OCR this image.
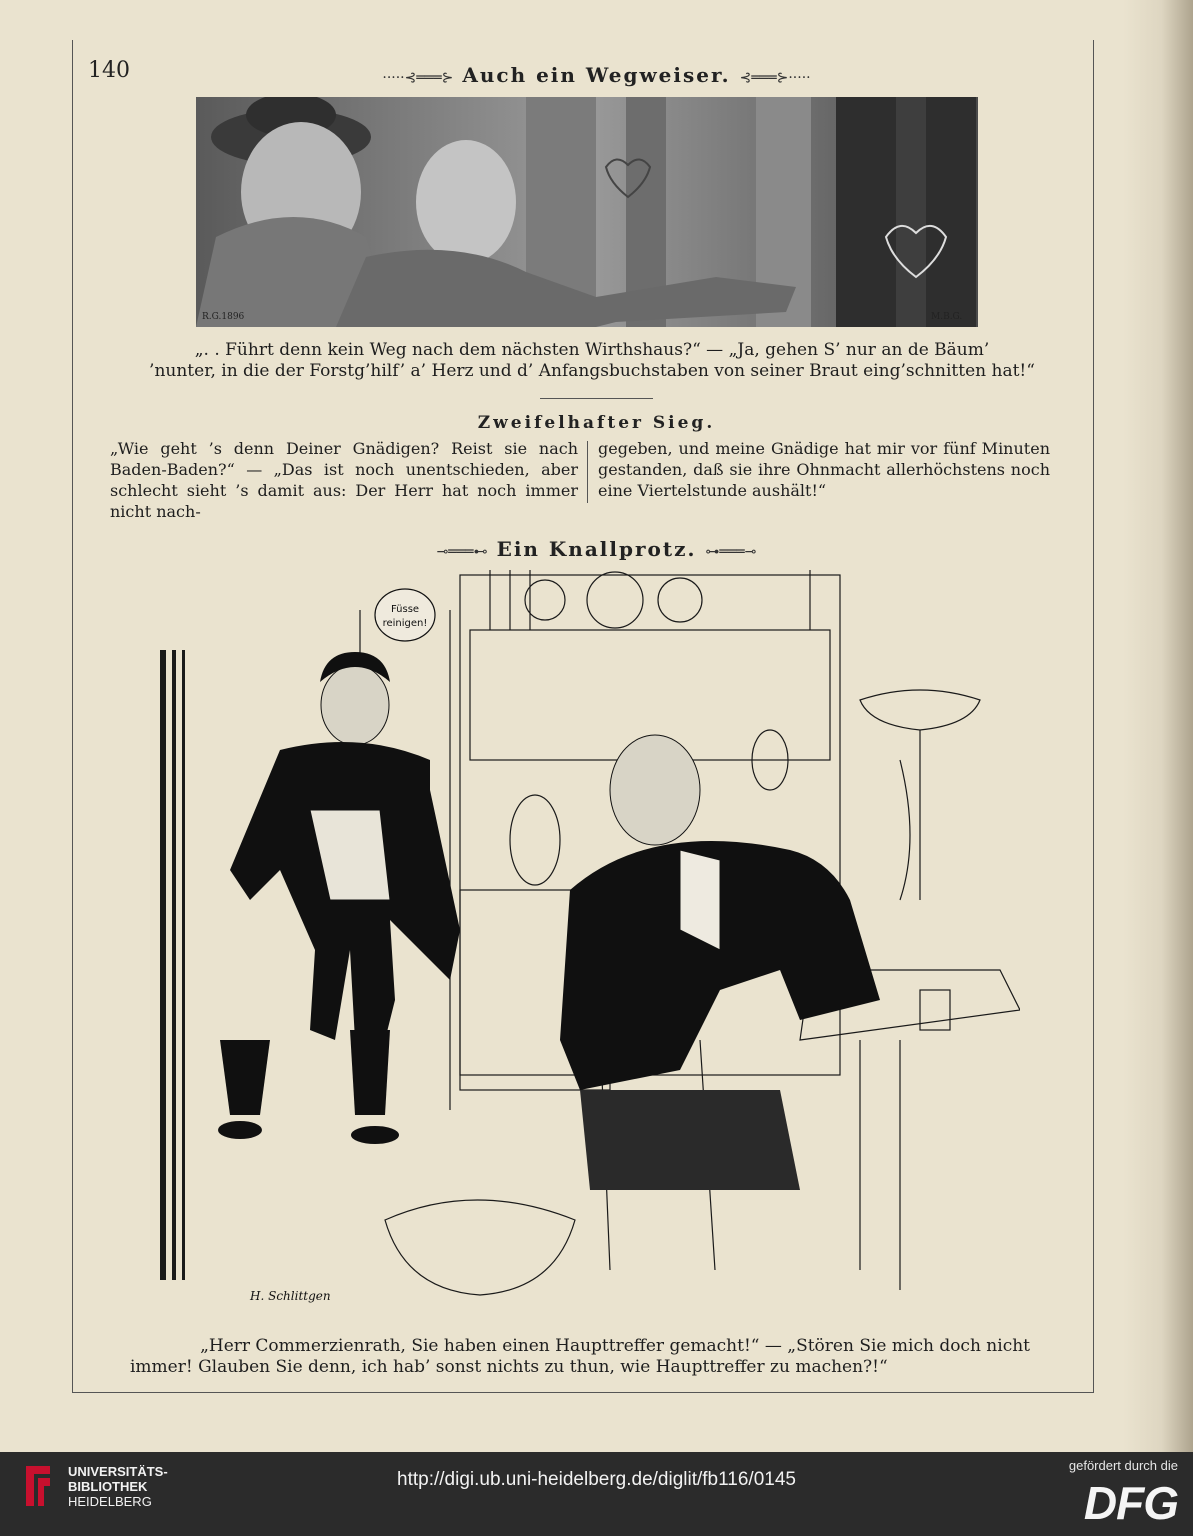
140	·····⊰═══⊱ Auch ein Wegweiser. ⊰═══⊱·····
R.G.1896	M.B.G.
„. . Führt denn kein Weg nach dem nächsten Wirthshaus?“ — „Ja, gehen S’ nur an de Bäum’
’nunter, in die der Forstg’hilf’ a’ Herz und d’ Anfangsbuchstaben von seiner Braut eing’schnitten hat!“
Zweifelhafter Sieg.
„Wie geht ’s denn Deiner Gnädigen? Reist sie nach Baden-Baden?“ — „Das ist noch unentschieden, aber schlecht sieht ’s damit aus: Der Herr hat noch immer nicht nach-
gegeben, und meine Gnädige hat mir vor fünf Minuten gestanden, daß sie ihre Ohnmacht allerhöchstens noch eine Viertelstunde aushält!“
⊸═══⊷ Ein Knallprotz. ⊶═══⊸
Füsse
reinigen!
H. Schlittgen
„Herr Commerzienrath, Sie haben einen Haupttreffer gemacht!“ — „Stören Sie mich doch nicht
immer! Glauben Sie denn, ich hab’ sonst nichts zu thun, wie Haupttreffer zu machen?!“
UNIVERSITÄTS-
BIBLIOTHEK
HEIDELBERG
http://digi.ub.uni-heidelberg.de/diglit/fb116/0145
gefördert durch die
DFG
